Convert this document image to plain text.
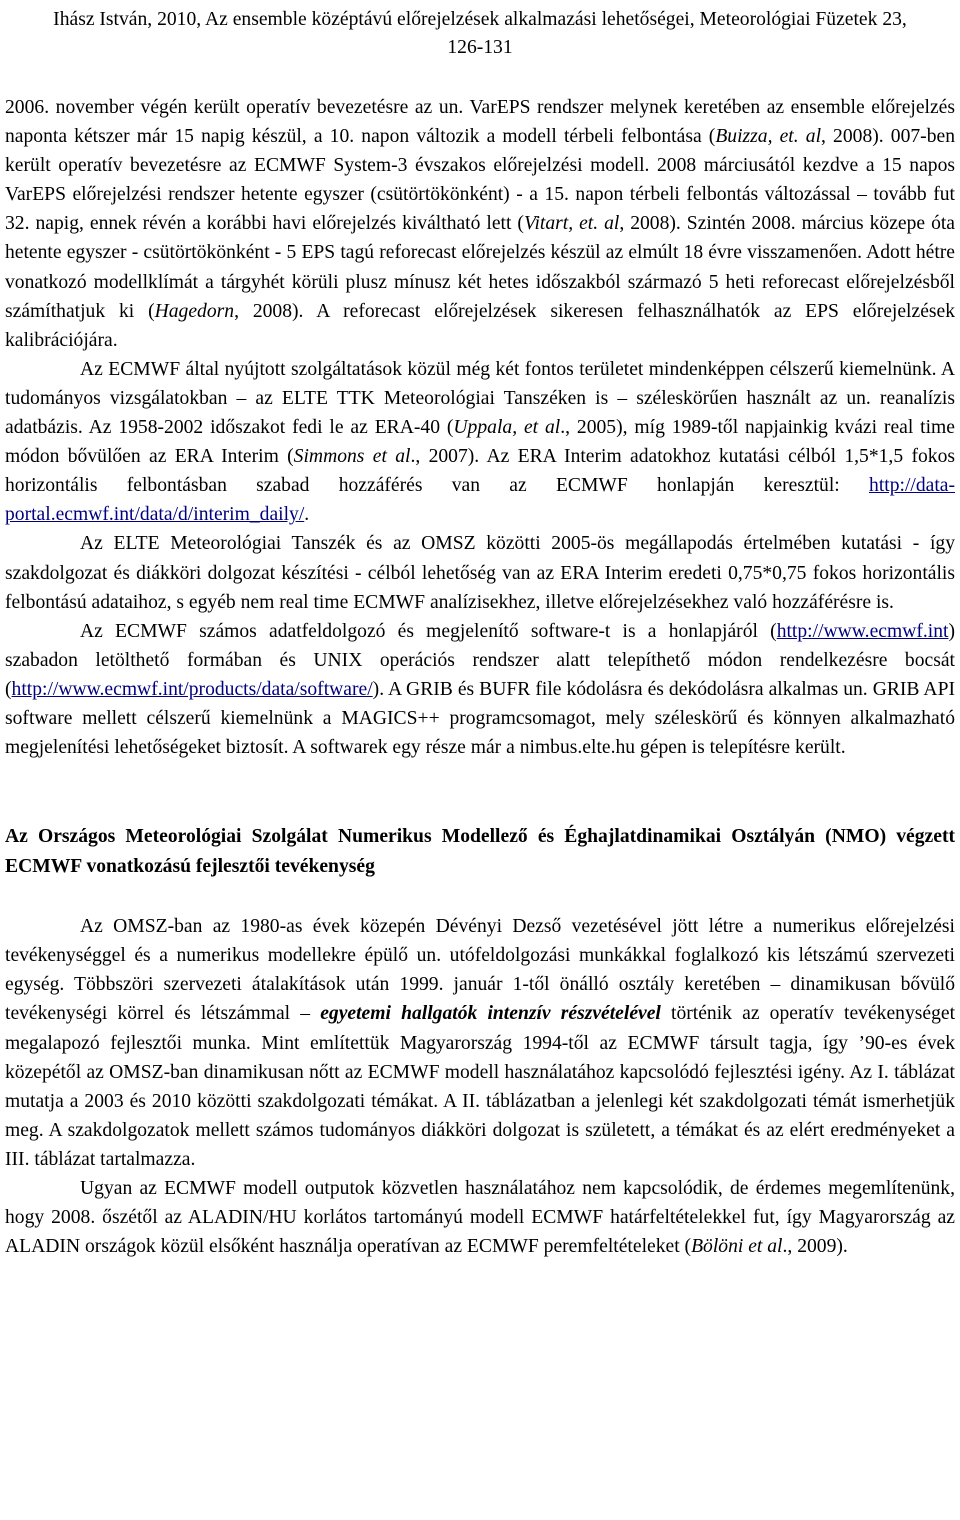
Ihász István, 2010, Az ensemble középtávú előrejelzések alkalmazási lehetőségei, Meteorológiai Füzetek 23,
126-131

2006. november végén került operatív bevezetésre az un. VarEPS rendszer melynek keretében az ensemble előrejelzés naponta kétszer már 15 napig készül, a 10. napon változik a modell térbeli felbontása (Buizza, et. al, 2008). 007-ben került operatív bevezetésre az ECMWF System-3 évszakos előrejelzési modell. 2008 márciusától kezdve a 15 napos VarEPS előrejelzési rendszer hetente egyszer (csütörtökönként) - a 15. napon térbeli felbontás változással – tovább fut 32. napig, ennek révén a korábbi havi előrejelzés kiváltható lett (Vitart, et. al, 2008). Szintén 2008. március közepe óta hetente egyszer - csütörtökönként - 5 EPS tagú reforecast előrejelzés készül az elmúlt 18 évre visszamenően. Adott hétre vonatkozó modellklímát a tárgyhét körüli plusz mínusz két hetes időszakból származó 5 heti reforecast előrejelzésből számíthatjuk ki (Hagedorn, 2008). A reforecast előrejelzések sikeresen felhasználhatók az EPS előrejelzések kalibrációjára.

Az ECMWF által nyújtott szolgáltatások közül még két fontos területet mindenképpen célszerű kiemelnünk. A tudományos vizsgálatokban – az ELTE TTK Meteorológiai Tanszéken is – széleskörűen használt az un. reanalízis adatbázis. Az 1958-2002 időszakot fedi le az ERA-40 (Uppala, et al., 2005), míg 1989-től napjainkig kvázi real time módon bővülően az ERA Interim (Simmons et al., 2007). Az ERA Interim adatokhoz kutatási célból 1,5*1,5 fokos horizontális felbontásban szabad hozzáférés van az ECMWF honlapján keresztül: http://data-portal.ecmwf.int/data/d/interim_daily/.

Az ELTE Meteorológiai Tanszék és az OMSZ közötti 2005-ös megállapodás értelmében kutatási - így szakdolgozat és diákköri dolgozat készítési - célból lehetőség van az ERA Interim eredeti 0,75*0,75 fokos horizontális felbontású adataihoz, s egyéb nem real time ECMWF analízisekhez, illetve előrejelzésekhez való hozzáférésre is.

Az ECMWF számos adatfeldolgozó és megjelenítő software-t is a honlapjáról (http://www.ecmwf.int) szabadon letölthető formában és UNIX operációs rendszer alatt telepíthető módon rendelkezésre bocsát (http://www.ecmwf.int/products/data/software/). A GRIB és BUFR file kódolásra és dekódolásra alkalmas un. GRIB API software mellett célszerű kiemelnünk a MAGICS++ programcsomagot, mely széleskörű és könnyen alkalmazható megjelenítési lehetőségeket biztosít. A softwarek egy része már a nimbus.elte.hu gépen is telepítésre került.

Az Országos Meteorológiai Szolgálat Numerikus Modellező és Éghajlatdinamikai Osztályán (NMO) végzett ECMWF vonatkozású fejlesztői tevékenység

Az OMSZ-ban az 1980-as évek közepén Dévényi Dezső vezetésével jött létre a numerikus előrejelzési tevékenységgel és a numerikus modellekre épülő un. utófeldolgozási munkákkal foglalkozó kis létszámú szervezeti egység. Többszöri szervezeti átalakítások után 1999. január 1-től önálló osztály keretében – dinamikusan bővülő tevékenységi körrel és létszámmal – egyetemi hallgatók intenzív részvételével történik az operatív tevékenységet megalapozó fejlesztői munka. Mint említettük Magyarország 1994-től az ECMWF társult tagja, így ’90-es évek közepétől az OMSZ-ban dinamikusan nőtt az ECMWF modell használatához kapcsolódó fejlesztési igény. Az I. táblázat mutatja a 2003 és 2010 közötti szakdolgozati témákat. A II. táblázatban a jelenlegi két szakdolgozati témát ismerhetjük meg. A szakdolgozatok mellett számos tudományos diákköri dolgozat is született, a témákat és az elért eredményeket a III. táblázat tartalmazza.

Ugyan az ECMWF modell outputok közvetlen használatához nem kapcsolódik, de érdemes megemlítenünk, hogy 2008. őszétől az ALADIN/HU korlátos tartományú modell ECMWF határfeltételekkel fut, így Magyarország az ALADIN országok közül elsőként használja operatívan az ECMWF peremfeltételeket (Bölöni et al., 2009).
